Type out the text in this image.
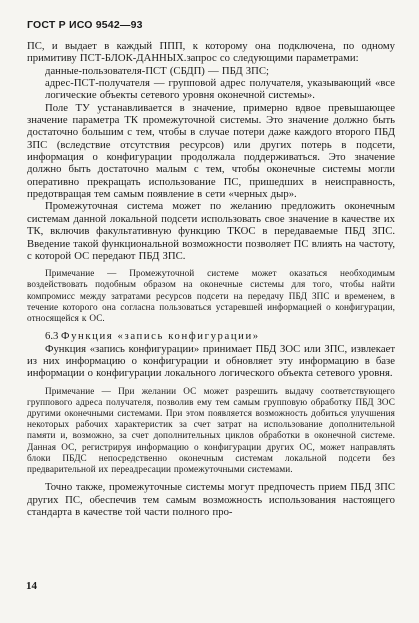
ГОСТ Р ИСО 9542—93

ПС, и выдает в каждый ППП, к которому она подключена, по одному примитиву ПСТ-БЛОК-ДАННЫХ.запрос со следующими параметрами:

данные-пользователя-ПСТ (СБДП) — ПБД ЗПС;

адрес-ПСТ-получателя — групповой адрес получателя, указывающий «все логические объекты сетевого уровня оконечной системы».

Поле ТУ устанавливается в значение, примерно вдвое превышающее значение параметра ТК промежуточной системы. Это значение должно быть достаточно большим с тем, чтобы в случае потери даже каждого второго ПБД ЗПС (вследствие отсутствия ресурсов) или других потерь в подсети, информация о конфигурации продолжала поддерживаться. Это значение должно быть достаточно малым с тем, чтобы оконечные системы могли оперативно прекращать использование ПС, пришедших в неисправность, предотвращая тем самым появление в сети «черных дыр».

Промежуточная система может по желанию предложить оконечным системам данной локальной подсети использовать свое значение в качестве их ТК, включив факультативную функцию ТКОС в передаваемые ПБД ЗПС. Введение такой функциональной возможности позволяет ПС влиять на частоту, с которой ОС передают ПБД ЗПС.

Примечание — Промежуточной системе может оказаться необходимым воздействовать подобным образом на оконечные системы для того, чтобы найти компромисс между затратами ресурсов подсети на передачу ПБД ЗПС и временем, в течение которого она согласна пользоваться устаревшей информацией о конфигурации, относящейся к ОС.

6.3 Функция «запись конфигурации»

Функция «запись конфигурации» принимает ПБД ЗОС или ЗПС, извлекает из них информацию о конфигурации и обновляет эту информацию в базе информации о конфигурации локального логического объекта сетевого уровня.

Примечание — При желании ОС может разрешить выдачу соответствующего группового адреса получателя, позволив ему тем самым групповую обработку ПБД ЗОС другими оконечными системами. При этом появляется возможность добиться улучшения некоторых рабочих характеристик за счет затрат на использование дополнительной памяти и, возможно, за счет дополнительных циклов обработки в оконечной системе. Данная ОС, регистрируя информацию о конфигурации других ОС, может направлять блоки ПБДС непосредственно оконечным системам локальной подсети без предварительной их переадресации промежуточными системами.

Точно также, промежуточные системы могут предпочесть прием ПБД ЗПС других ПС, обеспечив тем самым возможность использования настоящего стандарта в качестве той части полного про-

14
